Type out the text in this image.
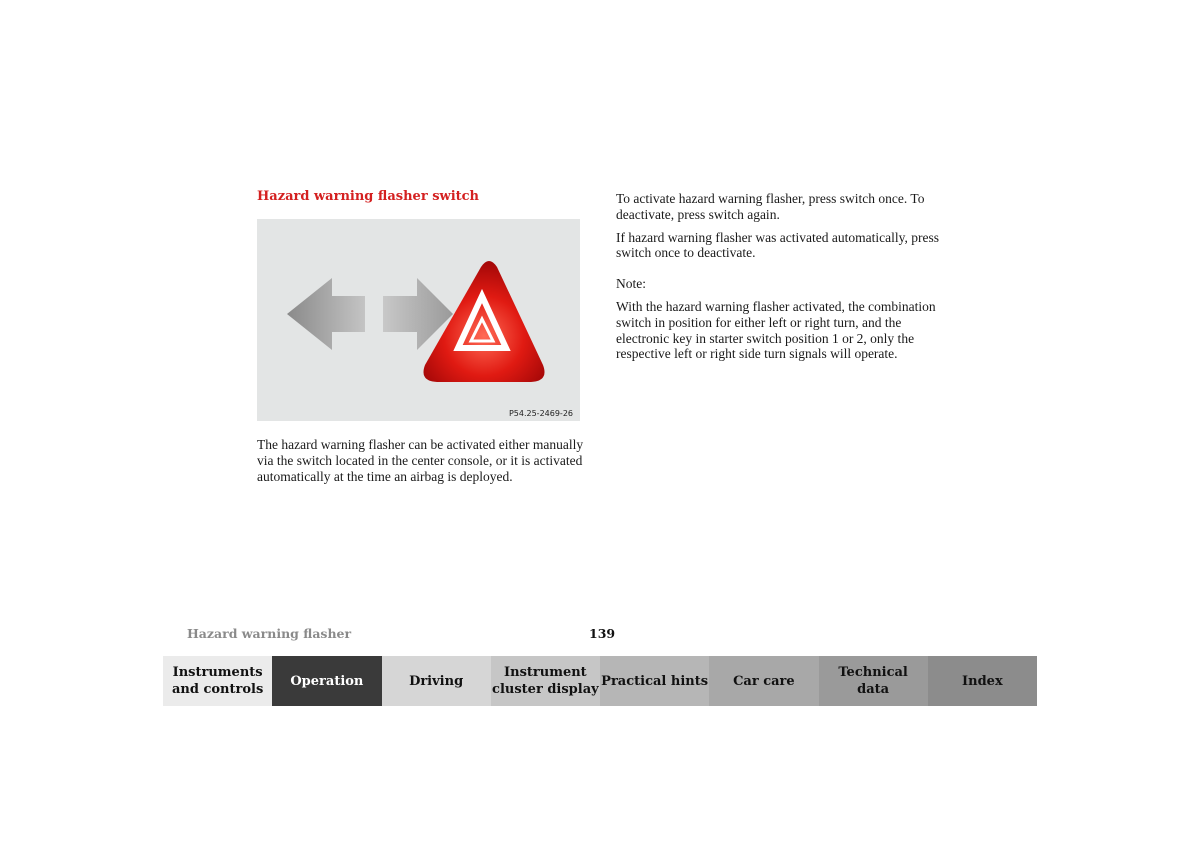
Hazard warning flasher switch
P54.25-2469-26

The hazard warning flasher can be activated either manually via the switch located in the center console, or it is activated automatically at the time an airbag is deployed.

To activate hazard warning flasher, press switch once. To deactivate, press switch again.

If hazard warning flasher was activated automatically, press switch once to deactivate.

Note:

With the hazard warning flasher activated, the combination switch in position for either left or right turn, and the electronic key in starter switch position 1 or 2, only the respective left or right side turn signals will operate.

Hazard warning flasher	139
Instruments
and controls
Operation	Driving
Instrument
cluster display
Practical hints	Car care
Technical
data
Index
